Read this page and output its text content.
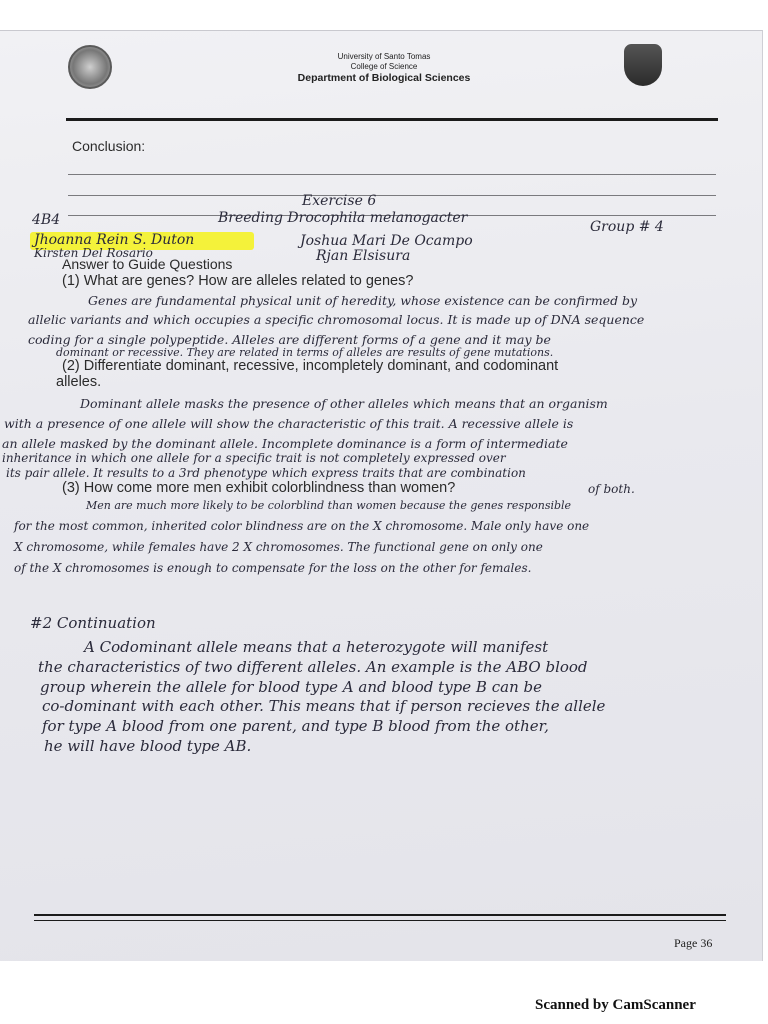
University of Santo Tomas
College of Science
Department of Biological Sciences
Conclusion:
Exercise 6
4B4	Breeding Drocophila melanogacter
Group # 4
Jhoanna Rein S. Duton
Kirsten Del Rosario
Joshua Mari De Ocampo
Rjan Elsisura
Answer to Guide Questions
(1) What are genes? How are alleles related to genes?
Genes are fundamental physical unit of heredity, whose existence can be confirmed by
allelic variants and which occupies a specific chromosomal locus. It is made up of DNA sequence
coding for a single polypeptide. Alleles are different forms of a gene and it may be
dominant or recessive. They are related in terms of alleles are results of gene mutations.
(2) Differentiate dominant, recessive, incompletely dominant, and codominant
alleles.
Dominant allele masks the presence of other alleles which means that an organism
with a presence of one allele will show the characteristic of this trait. A recessive allele is
an allele masked by the dominant allele. Incomplete dominance is a form of intermediate
inheritance in which one allele for a specific trait is not completely expressed over
its pair allele. It results to a 3rd phenotype which express traits that are combination
of both.
(3) How come more men exhibit colorblindness than women?
Men are much more likely to be colorblind than women because the genes responsible
for the most common, inherited color blindness are on the X chromosome. Male only have one
X chromosome, while females have 2 X chromosomes. The functional gene on only one
of the X chromosomes is enough to compensate for the loss on the other for females.
#2 Continuation
A Codominant allele means that a heterozygote will manifest
the characteristics of two different alleles. An example is the ABO blood
group wherein the allele for blood type A and blood type B can be
co-dominant with each other. This means that if person recieves the allele
for type A blood from one parent, and type B blood from the other,
he will have blood type AB.
Page 36
Scanned by CamScanner
